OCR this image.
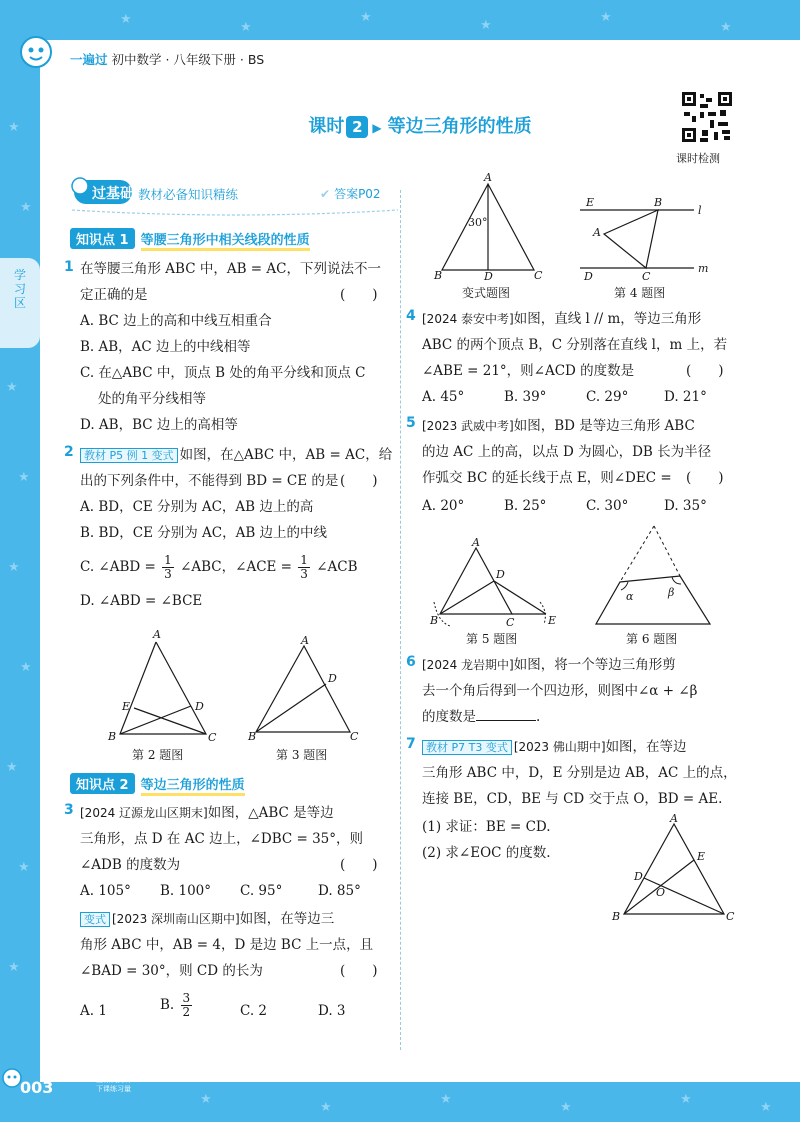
★
★
★
★
★
★
★
★
★
★
★
★
★
★
★
★
★
★
★
★
★
学习区
一遍过 初中数学 · 八年级下册 · BS
课时 2 ▶ 等边三角形的性质
课时检测
过基础 教材必备知识精练	✔ 答案P02
知识点 1 等腰三角形中相关线段的性质
1 在等腰三角形 ABC 中，AB = AC，下列说法不一
定正确的是	(　　)
A. BC 边上的高和中线互相重合
B. AB，AC 边上的中线相等
C. 在△ABC 中，顶点 B 处的角平分线和顶点 C
处的角平分线相等
D. AB，BC 边上的高相等
2 教材 P5 例 1 变式 如图，在△ABC 中，AB = AC，给
出的下列条件中，不能得到 BD = CE 的是 (　　)
A. BD，CE 分别为 AC，AB 边上的高
B. BD，CE 分别为 AC，AB 边上的中线
C. ∠ABD = $\frac{1}{3}$ ∠ABC，∠ACE = $\frac{1}{3}$ ∠ACB
D. ∠ABD = ∠BCE
A
B	C
D
E
第 2 题图
A
B	C
D
第 3 题图
知识点 2 等边三角形的性质
3 [2024 辽源龙山区期末]如图，△ABC 是等边
三角形，点 D 在 AC 边上，∠DBC = 35°，则
∠ADB 的度数为	(　　)
A. 105° B. 100° C. 95°	D. 85°
变式 [2023 深圳南山区期中]如图，在等边三
角形 ABC 中，AB = 4，D 是边 BC 上一点，且
∠BAD = 30°，则 CD 的长为	(　　)
A. 1	B. $\frac{3}{2}$	C. 2	D. 3
A
B	C
D
30°
变式题图
E	B
l
A
D	C
m
第 4 题图
4 [2024 泰安中考]如图，直线 l // m，等边三角形
ABC 的两个顶点 B，C 分别落在直线 l，m 上，若
∠ABE = 21°，则∠ACD 的度数是	(　　)
A. 45°	B. 39°	C. 29°	D. 21°
5 [2023 武威中考]如图，BD 是等边三角形 ABC
的边 AC 上的高，以点 D 为圆心，DB 长为半径
作弧交 BC 的延长线于点 E，则∠DEC = (　　)
A. 20°	B. 25°	C. 30°	D. 35°
A
B	C
D
E
第 5 题图
α	β
第 6 题图
6 [2024 龙岩期中]如图，将一个等边三角形剪
去一个角后得到一个四边形，则图中∠α + ∠β
的度数是	.
7 教材 P7 T3 变式 [2023 佛山期中]如图，在等边
三角形 ABC 中，D，E 分别是边 AB，AC 上的点，
连接 BE，CD，BE 与 CD 交于点 O，BD = AE.
(1) 求证：BE = CD.
(2) 求∠EOC 的度数.
A
B	C
D
E
O
003	上课认真听
下课练习量
